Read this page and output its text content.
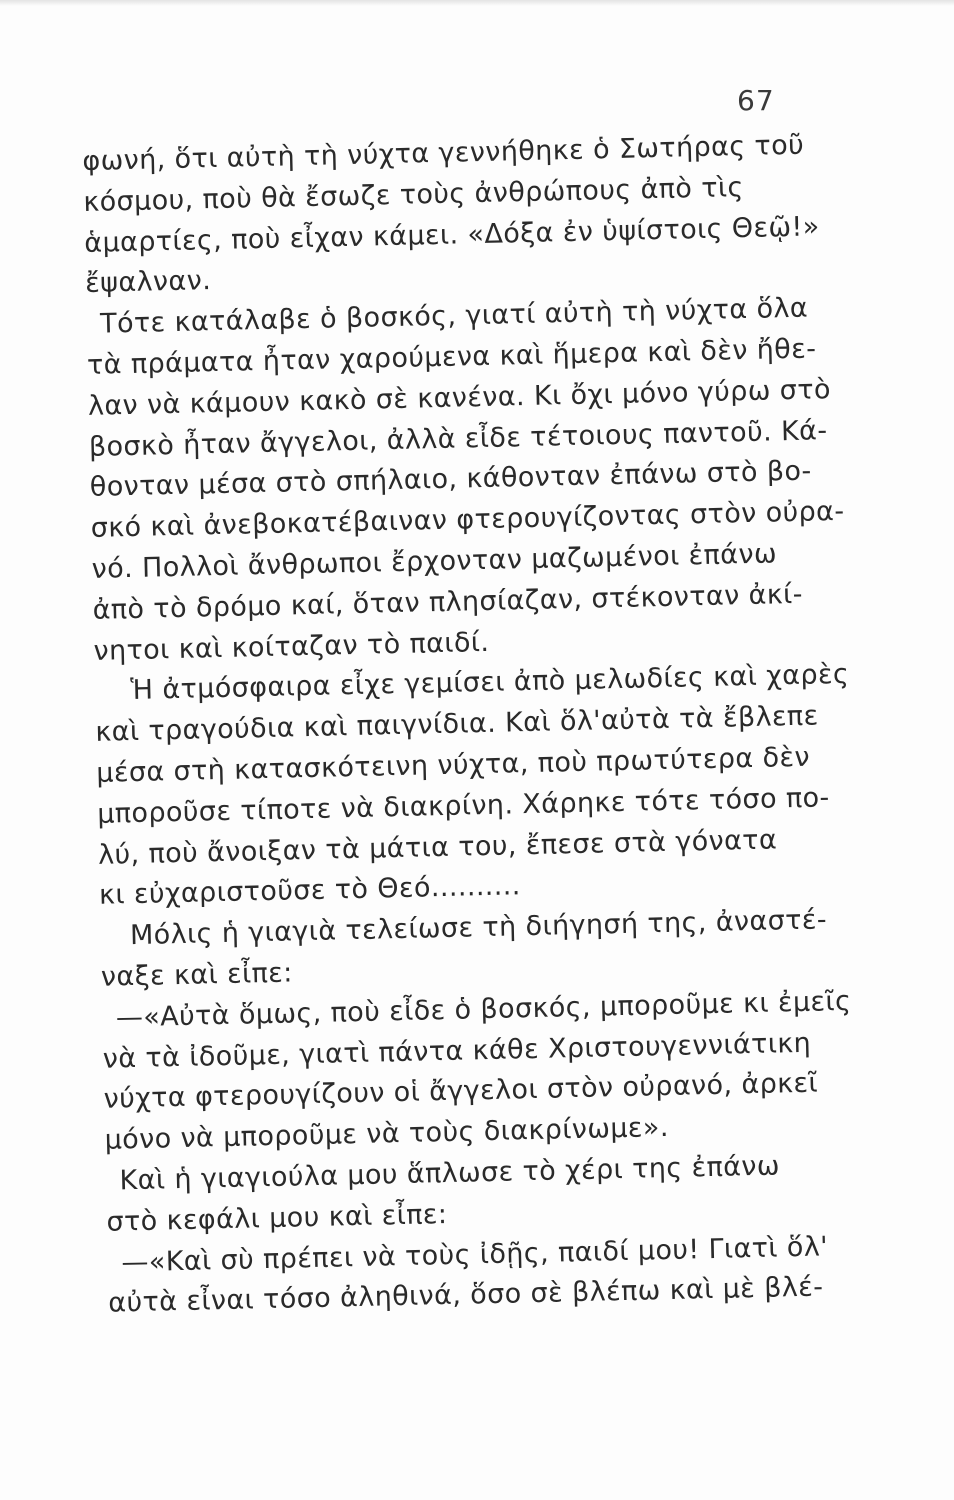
67
φωνή, ὅτι αὐτὴ τὴ νύχτα γεννήθηκε ὁ Σωτήρας τοῦ
κόσμου, ποὺ θὰ ἔσωζε τοὺς ἀνθρώπους ἀπὸ τὶς
ἁμαρτίες, ποὺ εἶχαν κάμει. «Δόξα ἐν ὑψίστοις Θεῷ!»
ἔψαλναν.
Τότε κατάλαβε ὁ βοσκός, γιατί αὐτὴ τὴ νύχτα ὅλα
τὰ πράματα ἦταν χαρούμενα καὶ ἥμερα καὶ δὲν ἤθε-
λαν νὰ κάμουν κακὸ σὲ κανένα. Κι ὄχι μόνο γύρω στὸ
βοσκὸ ἦταν ἄγγελοι, ἀλλὰ εἶδε τέτοιους παντοῦ. Κά-
θονταν μέσα στὸ σπήλαιο, κάθονταν ἐπάνω στὸ βο-
σκό καὶ ἀνεβοκατέβαιναν φτερουγίζοντας στὸν οὐρα-
νό. Πολλοὶ ἄνθρωποι ἔρχονταν μαζωμένοι ἐπάνω
ἀπὸ τὸ δρόμο καί, ὅταν πλησίαζαν, στέκονταν ἀκί-
νητοι καὶ κοίταζαν τὸ παιδί.
Ἡ ἀτμόσφαιρα εἶχε γεμίσει ἀπὸ μελωδίες καὶ χαρὲς
καὶ τραγούδια καὶ παιγνίδια. Καὶ ὅλ'αὐτὰ τὰ ἔβλεπε
μέσα στὴ κατασκότεινη νύχτα, ποὺ πρωτύτερα δὲν
μποροῦσε τίποτε νὰ διακρίνη. Χάρηκε τότε τόσο πο-
λύ, ποὺ ἄνοιξαν τὰ μάτια του, ἔπεσε στὰ γόνατα
κι εὐχαριστοῦσε τὸ Θεό..........
Μόλις ἡ γιαγιὰ τελείωσε τὴ διήγησή της, ἀναστέ-
ναξε καὶ εἶπε:
—«Αὐτὰ ὅμως, ποὺ εἶδε ὁ βοσκός, μποροῦμε κι ἐμεῖς
νὰ τὰ ἰδοῦμε, γιατὶ πάντα κάθε Χριστουγεννιάτικη
νύχτα φτερουγίζουν οἱ ἄγγελοι στὸν οὐρανό, ἀρκεῖ
μόνο νὰ μποροῦμε νὰ τοὺς διακρίνωμε».
Καὶ ἡ γιαγιούλα μου ἅπλωσε τὸ χέρι της ἐπάνω
στὸ κεφάλι μου καὶ εἶπε:
—«Καὶ σὺ πρέπει νὰ τοὺς ἰδῇς, παιδί μου! Γιατὶ ὅλ'
αὐτὰ εἶναι τόσο ἀληθινά, ὅσο σὲ βλέπω καὶ μὲ βλέ-
